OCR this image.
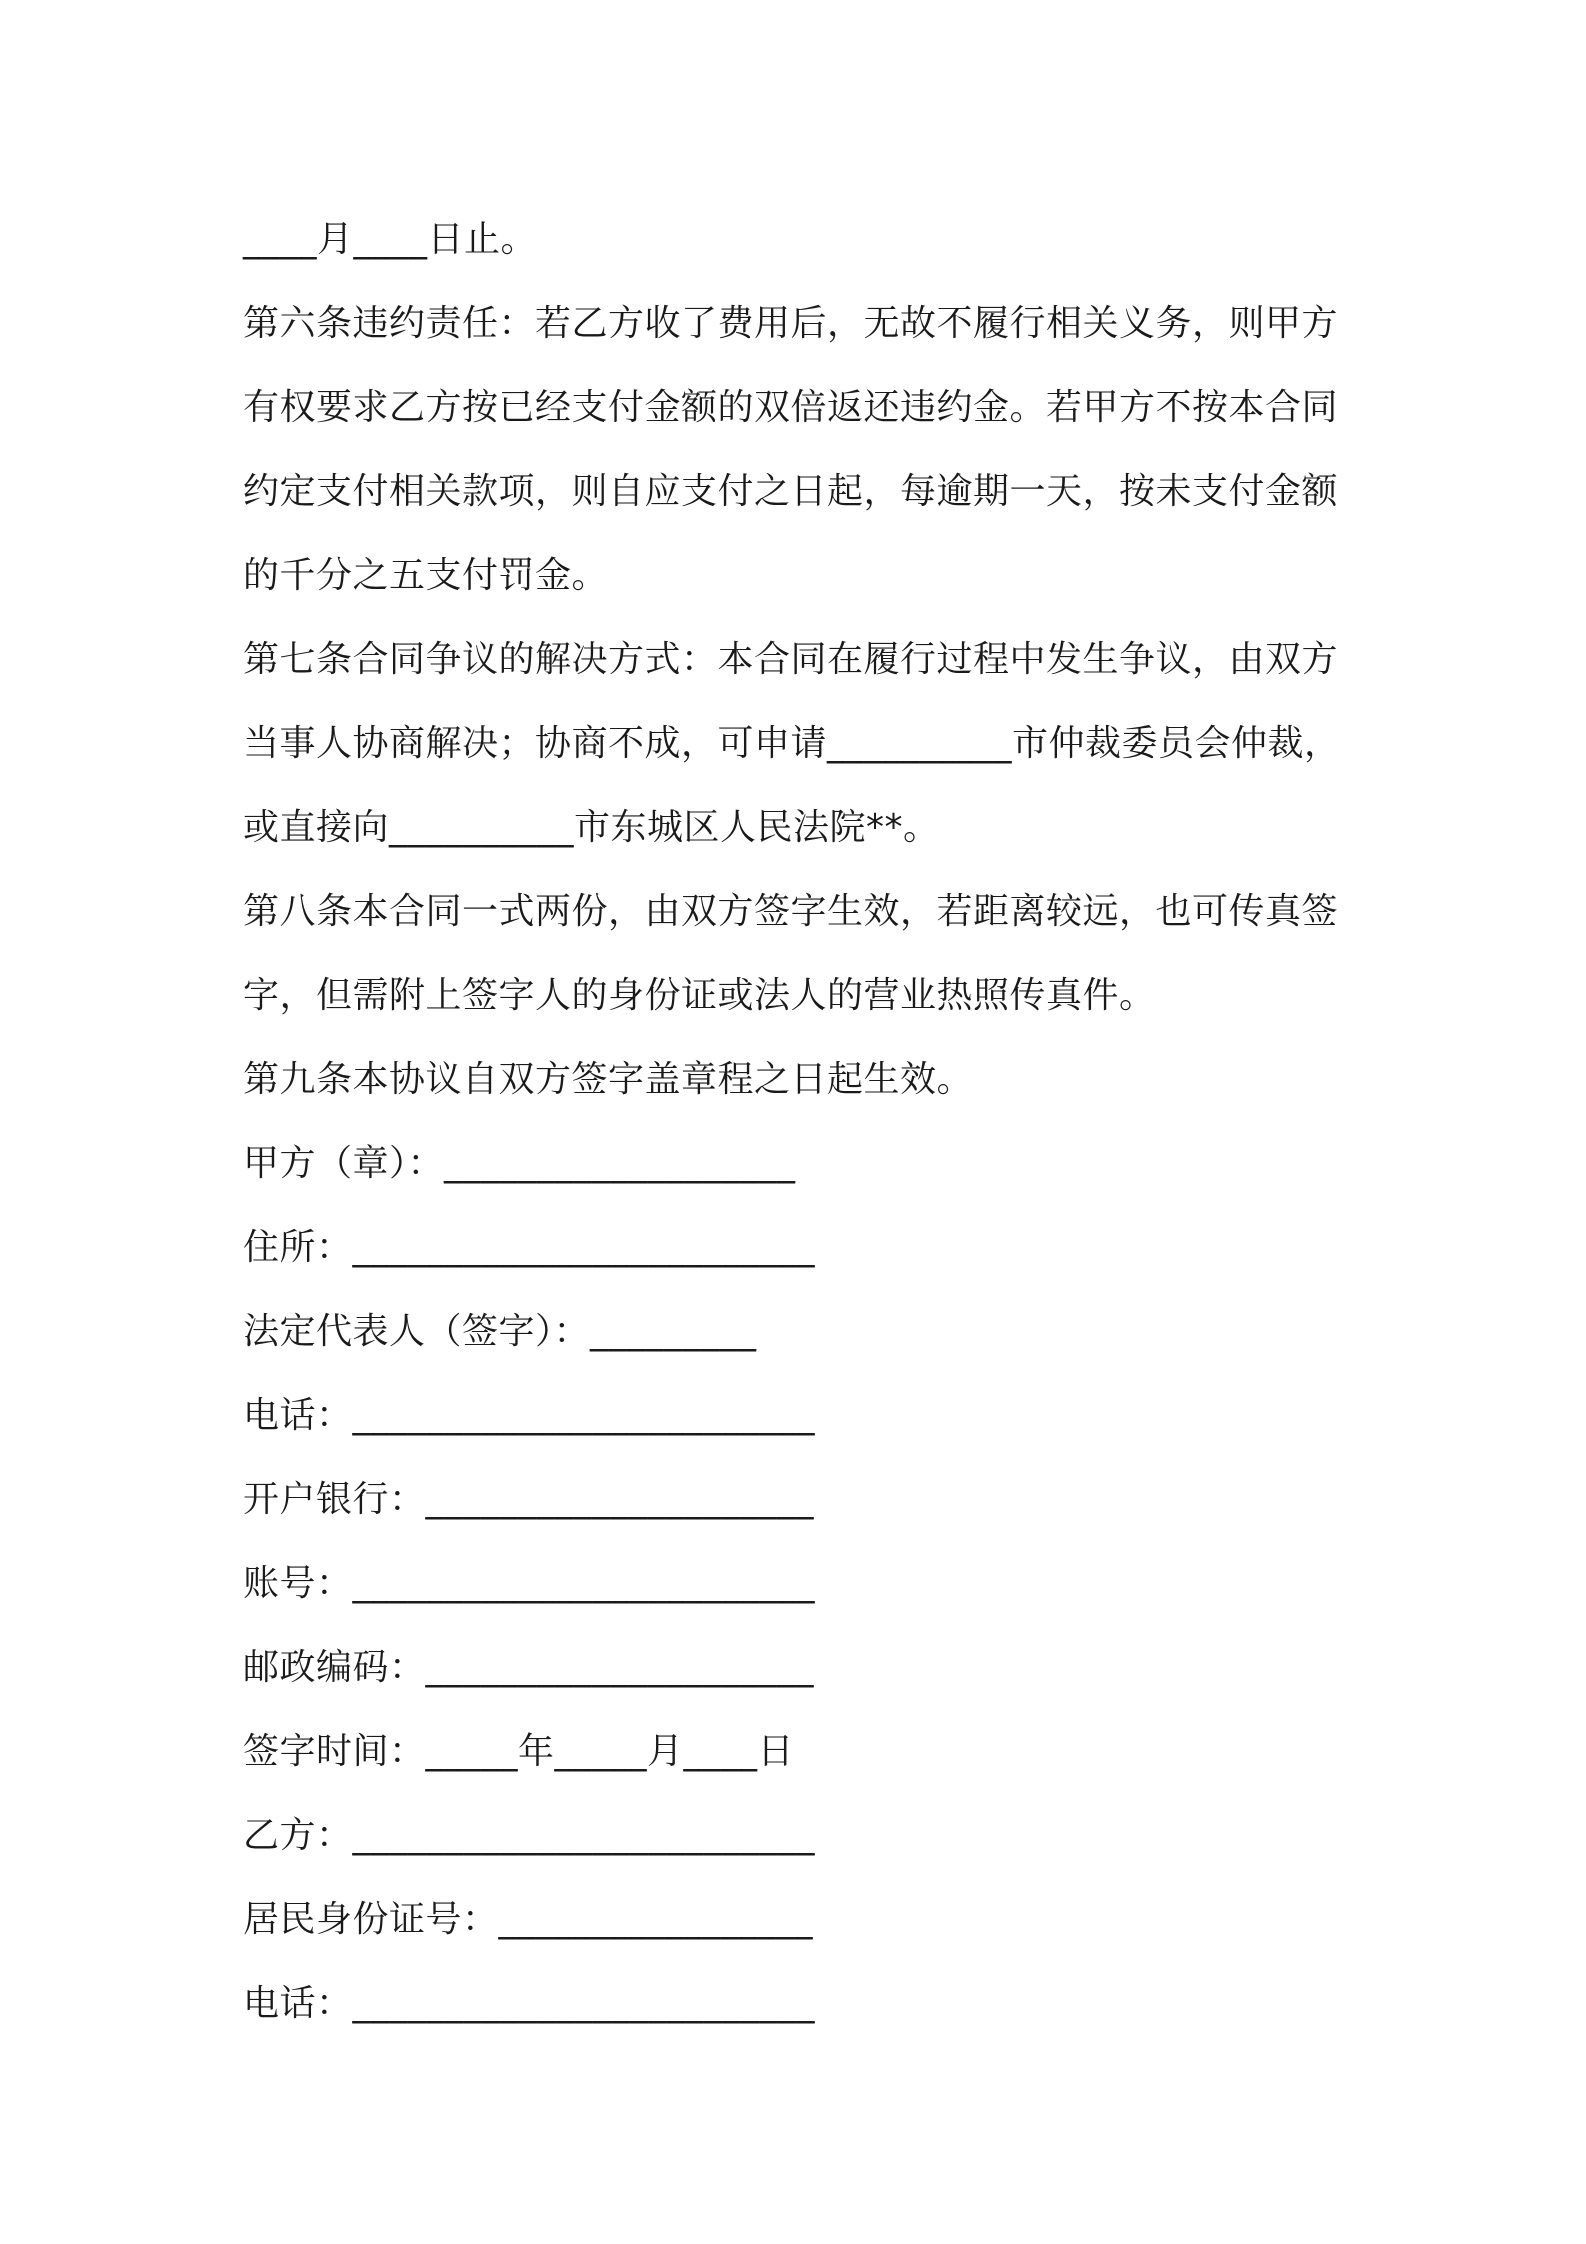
____月____日止。
第六条违约责任：若乙方收了费用后，无故不履行相关义务，则甲方
有权要求乙方按已经支付金额的双倍返还违约金。若甲方不按本合同
约定支付相关款项，则自应支付之日起，每逾期一天，按未支付金额
的千分之五支付罚金。
第七条合同争议的解决方式：本合同在履行过程中发生争议，由双方
当事人协商解决；协商不成，可申请__________市仲裁委员会仲裁，
或直接向__________市东城区人民法院**。
第八条本合同一式两份，由双方签字生效，若距离较远，也可传真签
字，但需附上签字人的身份证或法人的营业热照传真件。
第九条本协议自双方签字盖章程之日起生效。
甲方（章）：___________________
住所：_________________________
法定代表人（签字）：_________
电话：_________________________
开户银行：_____________________
账号：_________________________
邮政编码：_____________________
签字时间：_____年_____月____日
乙方：_________________________
居民身份证号：_________________
电话：_________________________
